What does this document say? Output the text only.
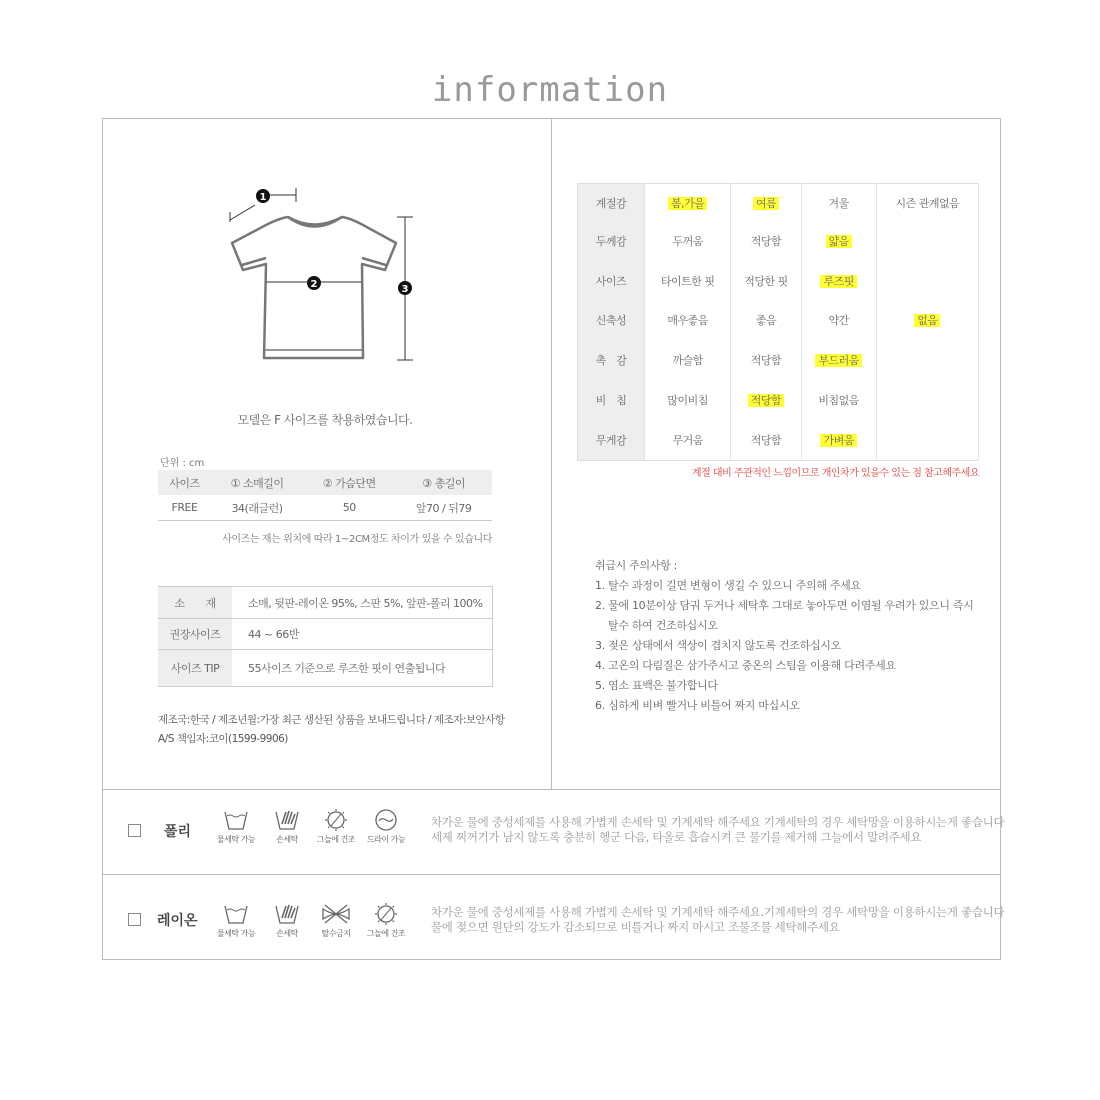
information
1
2	3
모델은 F 사이즈를 착용하였습니다.
단위 : cm
사이즈	① 소매길이	② 가슴단면	③ 총길이
FREE	34(래글런)	50	앞70 / 뒤79
사이즈는 재는 위치에 따라 1~2CM정도 차이가 있을 수 있습니다
소　　재	소매, 뒷판-레이온 95%, 스판 5%, 앞판-폴리 100%
권장사이즈	44 ~ 66반
사이즈 TIP	55사이즈 기준으로 루즈한 핏이 연출됩니다
제조국:한국 / 제조년월:가장 최근 생산된 상품을 보내드립니다 / 제조자:보안사항
A/S 책임자:코이(1599-9906)
계절감	봄,가을	여름	겨울	시즌 관계없음
두께감	두꺼움	적당함	얇음	
사이즈	타이트한 핏	적당한 핏	루즈핏	
신축성	매우좋음	좋음	약간	없음
촉　감	까슬함	적당함	부드러움	
비　침	많이비침	적당함	비침없음	
무게감	무거움	적당함	가벼움	
계절 대비 주관적인 느낌이므로 개인차가 있을수 있는 점 참고해주세요
취급시 주의사항 :
1. 탈수 과정이 길면 변형이 생길 수 있으니 주의해 주세요
2. 물에 10분이상 담궈 두거나 세탁후 그대로 놓아두면 이염될 우려가 있으니 즉시
탈수 하여 건조하십시오
3. 젖은 상태에서 색상이 겹치지 않도록 건조하십시오
4. 고온의 다림질은 삼가주시고 중온의 스팀을 이용해 다려주세요
5. 염소 표백은 불가합니다
6. 심하게 비벼 빨거나 비틀어 짜지 마십시오
폴리	물세탁 가능	손세탁	그늘에 건조	드라이 가능
차가운 물에 중성세제를 사용해 가볍게 손세탁 및 기계세탁 해주세요 기계세탁의 경우 세탁망을 이용하시는게 좋습니다
세제 찌꺼기가 남지 않도록 충분히 헹군 다음, 타올로 흡습시켜 큰 물기를 제거해 그늘에서 말려주세요
레이온
물세탁 가능	손세탁	탈수금지	그늘에 건조
차가운 물에 중성세제를 사용해 가볍게 손세탁 및 기계세탁 해주세요.기계세탁의 경우 세탁망을 이용하시는게 좋습니다
물에 젖으면 원단의 강도가 감소되므로 비틀거나 짜지 마시고 조물조물 세탁해주세요
